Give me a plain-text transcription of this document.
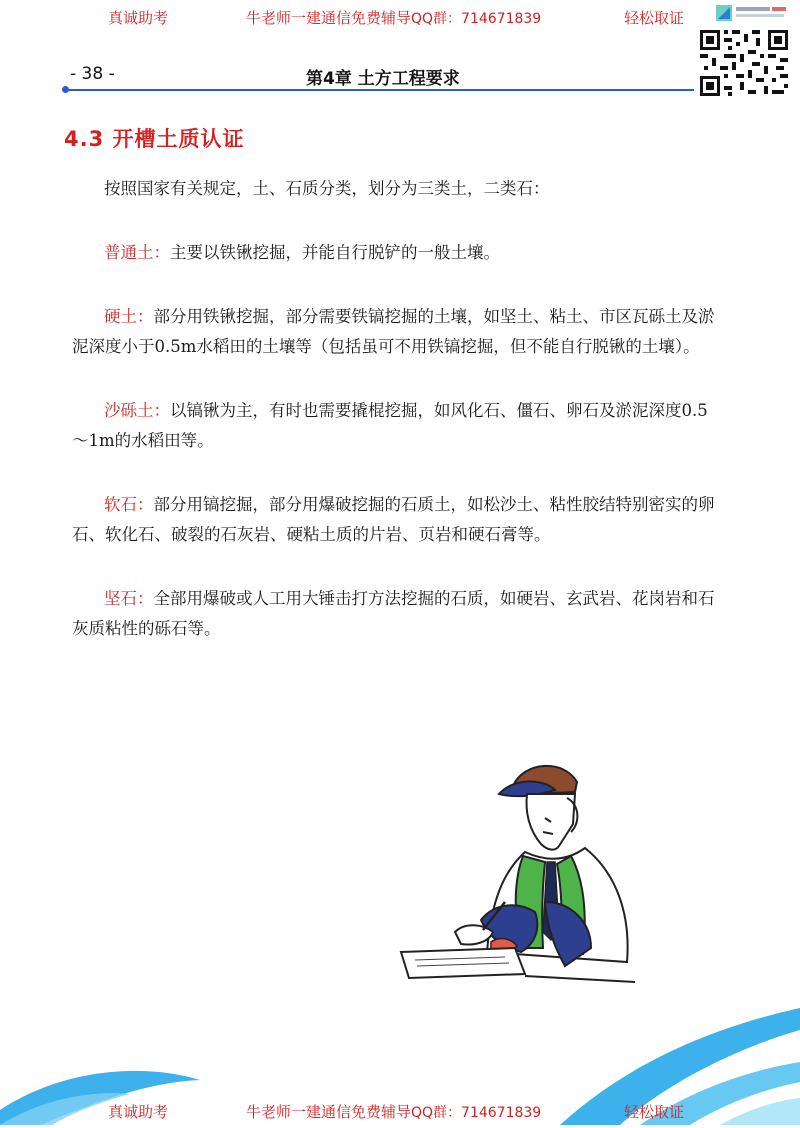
真诚助考	牛老师一建通信免费辅导QQ群：714671839	轻松取证
- 38 -	第4章 土方工程要求
4.3 开槽土质认证

按照国家有关规定，土、石质分类，划分为三类土，二类石：

普通土：主要以铁锹挖掘，并能自行脱铲的一般土壤。

硬土：部分用铁锹挖掘，部分需要铁镐挖掘的土壤，如坚土、粘土、市区瓦砾土及淤泥深度小于0.5m水稻田的土壤等（包括虽可不用铁镐挖掘，但不能自行脱锹的土壤）。

沙砾土：以镐锹为主，有时也需要撬棍挖掘，如风化石、僵石、卵石及淤泥深度0.5～1m的水稻田等。

软石：部分用镐挖掘，部分用爆破挖掘的石质土，如松沙土、粘性胶结特别密实的卵石、软化石、破裂的石灰岩、硬粘土质的片岩、页岩和硬石膏等。

坚石：全部用爆破或人工用大锤击打方法挖掘的石质，如硬岩、玄武岩、花岗岩和石灰质粘性的砾石等。

真诚助考	牛老师一建通信免费辅导QQ群：714671839	轻松取证
